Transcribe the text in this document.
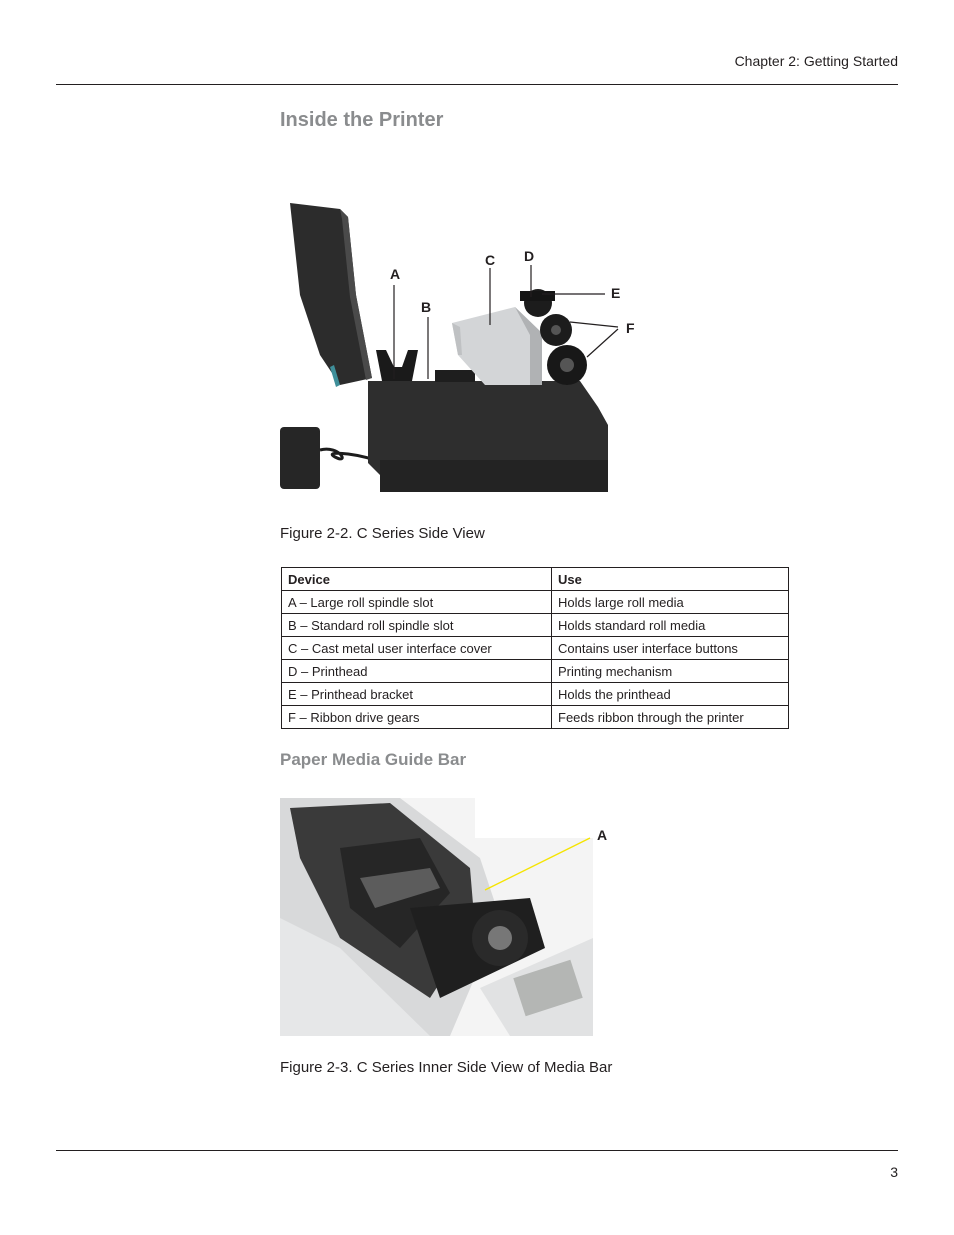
Chapter 2: Getting Started
Inside the Printer
A
B
C D
E
F
Figure 2-2. C Series Side View
Device	Use
A – Large roll spindle slot	Holds large roll media
B – Standard roll spindle slot	Holds standard roll media
C – Cast metal user interface cover	Contains user interface buttons
D – Printhead	Printing mechanism
E – Printhead bracket	Holds the printhead
F – Ribbon drive gears	Feeds ribbon through the printer
Paper Media Guide Bar
A
Figure 2-3. C Series Inner Side View of Media Bar
3
